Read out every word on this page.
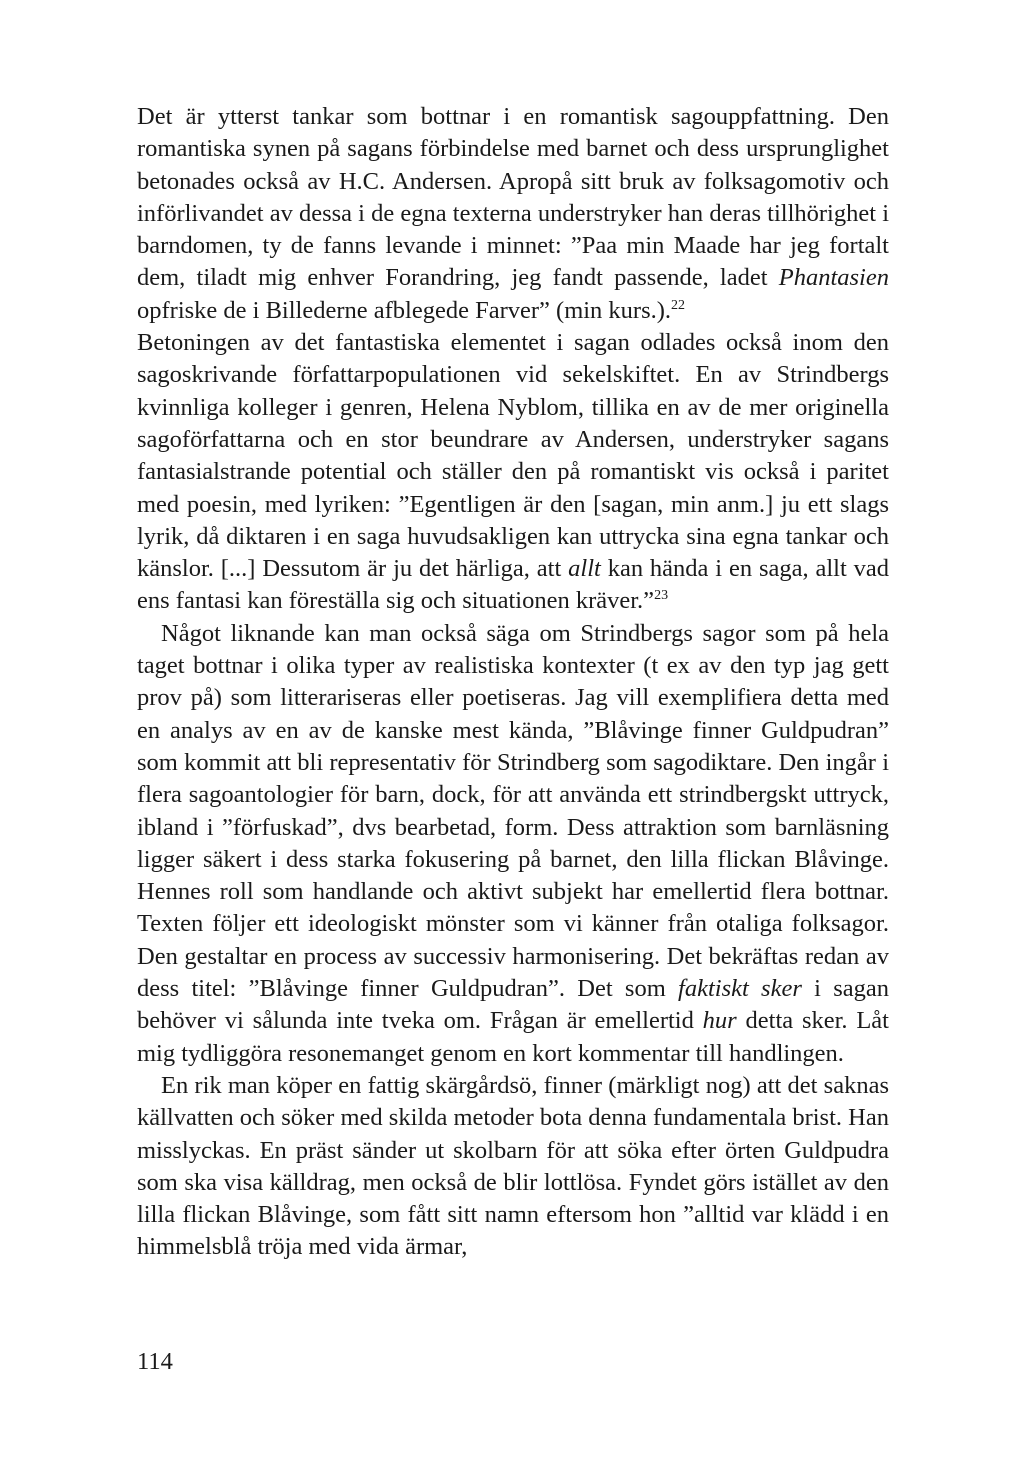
Det är ytterst tankar som bottnar i en romantisk sagouppfattning. Den romantiska synen på sagans förbindelse med barnet och dess ursprunglighet betonades också av H.C. Andersen. Apropå sitt bruk av folksagomotiv och införlivandet av dessa i de egna texterna understryker han deras tillhörighet i barndomen, ty de fanns levande i minnet: ”Paa min Maade har jeg fortalt dem, tiladt mig enhver Forandring, jeg fandt passende, ladet Phantasien opfriske de i Billederne afblegede Farver” (min kurs.).$^{22}$

Betoningen av det fantastiska elementet i sagan odlades också inom den sagoskrivande författarpopulationen vid sekelskiftet. En av Strindbergs kvinnliga kolleger i genren, Helena Nyblom, tillika en av de mer originella sagoförfattarna och en stor beundrare av Andersen, understryker sagans fantasialstrande potential och ställer den på romantiskt vis också i paritet med poesin, med lyriken: ”Egentligen är den [sagan, min anm.] ju ett slags lyrik, då diktaren i en saga huvudsakligen kan uttrycka sina egna tankar och känslor. [...] Dessutom är ju det härliga, att allt kan hända i en saga, allt vad ens fantasi kan föreställa sig och situationen kräver.”$^{23}$

Något liknande kan man också säga om Strindbergs sagor som på hela taget bottnar i olika typer av realistiska kontexter (t ex av den typ jag gett prov på) som litterariseras eller poetiseras. Jag vill exemplifiera detta med en analys av en av de kanske mest kända, ”Blåvinge finner Guldpudran” som kommit att bli representativ för Strindberg som sagodiktare. Den ingår i flera sagoantologier för barn, dock, för att använda ett strindbergskt uttryck, ibland i ”förfuskad”, dvs bearbetad, form. Dess attraktion som barnläsning ligger säkert i dess starka fokusering på barnet, den lilla flickan Blåvinge. Hennes roll som handlande och aktivt subjekt har emellertid flera bottnar. Texten följer ett ideologiskt mönster som vi känner från otaliga folksagor. Den gestaltar en process av successiv harmonisering. Det bekräftas redan av dess titel: ”Blåvinge finner Guldpudran”. Det som faktiskt sker i sagan behöver vi sålunda inte tveka om. Frågan är emellertid hur detta sker. Låt mig tydliggöra resonemanget genom en kort kommentar till handlingen.

En rik man köper en fattig skärgårdsö, finner (märkligt nog) att det saknas källvatten och söker med skilda metoder bota denna fundamentala brist. Han misslyckas. En präst sänder ut skolbarn för att söka efter örten Guldpudra som ska visa källdrag, men också de blir lottlösa. Fyndet görs istället av den lilla flickan Blåvinge, som fått sitt namn eftersom hon ”alltid var klädd i en himmelsblå tröja med vida ärmar,

114
